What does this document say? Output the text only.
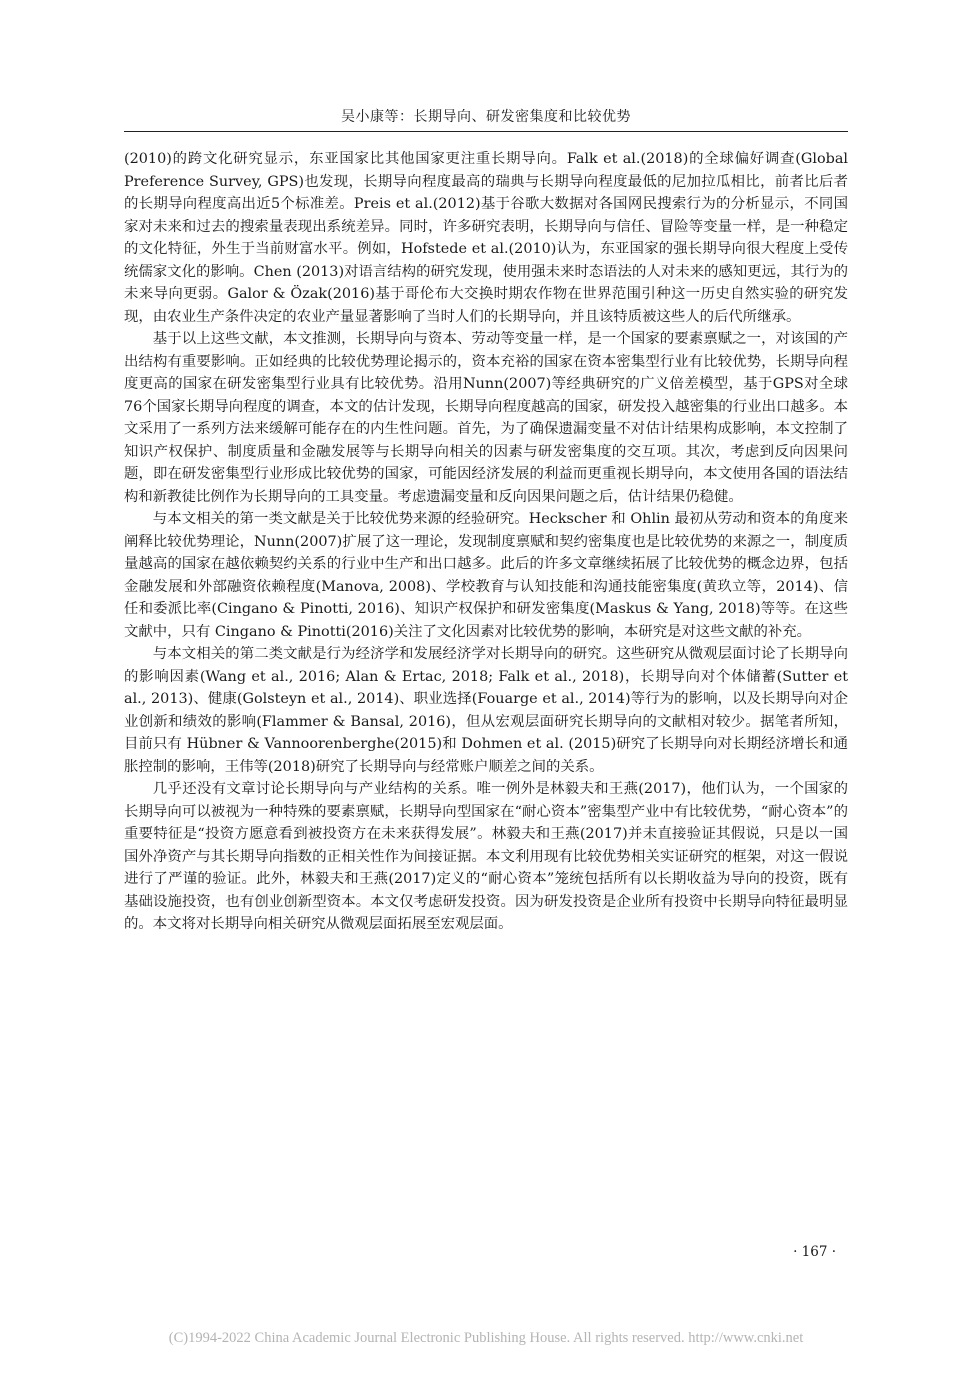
吴小康等：长期导向、研发密集度和比较优势

(2010)的跨文化研究显示，东亚国家比其他国家更注重长期导向。Falk et al.(2018)的全球偏好调查(Global Preference Survey, GPS)也发现，长期导向程度最高的瑞典与长期导向程度最低的尼加拉瓜相比，前者比后者的长期导向程度高出近5个标准差。Preis et al.(2012)基于谷歌大数据对各国网民搜索行为的分析显示，不同国家对未来和过去的搜索量表现出系统差异。同时，许多研究表明，长期导向与信任、冒险等变量一样，是一种稳定的文化特征，外生于当前财富水平。例如，Hofstede et al.(2010)认为，东亚国家的强长期导向很大程度上受传统儒家文化的影响。Chen (2013)对语言结构的研究发现，使用强未来时态语法的人对未来的感知更远，其行为的未来导向更弱。Galor & Özak(2016)基于哥伦布大交换时期农作物在世界范围引种这一历史自然实验的研究发现，由农业生产条件决定的农业产量显著影响了当时人们的长期导向，并且该特质被这些人的后代所继承。

基于以上这些文献，本文推测，长期导向与资本、劳动等变量一样，是一个国家的要素禀赋之一，对该国的产出结构有重要影响。正如经典的比较优势理论揭示的，资本充裕的国家在资本密集型行业有比较优势，长期导向程度更高的国家在研发密集型行业具有比较优势。沿用Nunn(2007)等经典研究的广义倍差模型，基于GPS对全球76个国家长期导向程度的调查，本文的估计发现，长期导向程度越高的国家，研发投入越密集的行业出口越多。本文采用了一系列方法来缓解可能存在的内生性问题。首先，为了确保遗漏变量不对估计结果构成影响，本文控制了知识产权保护、制度质量和金融发展等与长期导向相关的因素与研发密集度的交互项。其次，考虑到反向因果问题，即在研发密集型行业形成比较优势的国家，可能因经济发展的利益而更重视长期导向，本文使用各国的语法结构和新教徒比例作为长期导向的工具变量。考虑遗漏变量和反向因果问题之后，估计结果仍稳健。

与本文相关的第一类文献是关于比较优势来源的经验研究。Heckscher 和 Ohlin 最初从劳动和资本的角度来阐释比较优势理论，Nunn(2007)扩展了这一理论，发现制度禀赋和契约密集度也是比较优势的来源之一，制度质量越高的国家在越依赖契约关系的行业中生产和出口越多。此后的许多文章继续拓展了比较优势的概念边界，包括金融发展和外部融资依赖程度(Manova, 2008)、学校教育与认知技能和沟通技能密集度(黄玖立等，2014)、信任和委派比率(Cingano & Pinotti, 2016)、知识产权保护和研发密集度(Maskus & Yang, 2018)等等。在这些文献中，只有 Cingano & Pinotti(2016)关注了文化因素对比较优势的影响，本研究是对这些文献的补充。

与本文相关的第二类文献是行为经济学和发展经济学对长期导向的研究。这些研究从微观层面讨论了长期导向的影响因素(Wang et al., 2016; Alan & Ertac, 2018; Falk et al., 2018)，长期导向对个体储蓄(Sutter et al., 2013)、健康(Golsteyn et al., 2014)、职业选择(Fouarge et al., 2014)等行为的影响，以及长期导向对企业创新和绩效的影响(Flammer & Bansal, 2016)，但从宏观层面研究长期导向的文献相对较少。据笔者所知，目前只有 Hübner & Vannoorenberghe(2015)和 Dohmen et al. (2015)研究了长期导向对长期经济增长和通胀控制的影响，王伟等(2018)研究了长期导向与经常账户顺差之间的关系。

几乎还没有文章讨论长期导向与产业结构的关系。唯一例外是林毅夫和王燕(2017)，他们认为，一个国家的长期导向可以被视为一种特殊的要素禀赋，长期导向型国家在“耐心资本”密集型产业中有比较优势，“耐心资本”的重要特征是“投资方愿意看到被投资方在未来获得发展”。林毅夫和王燕(2017)并未直接验证其假说，只是以一国国外净资产与其长期导向指数的正相关性作为间接证据。本文利用现有比较优势相关实证研究的框架，对这一假说进行了严谨的验证。此外，林毅夫和王燕(2017)定义的“耐心资本”笼统包括所有以长期收益为导向的投资，既有基础设施投资，也有创业创新型资本。本文仅考虑研发投资。因为研发投资是企业所有投资中长期导向特征最明显的。本文将对长期导向相关研究从微观层面拓展至宏观层面。

· 167 ·
(C)1994-2022 China Academic Journal Electronic Publishing House. All rights reserved. http://www.cnki.net
